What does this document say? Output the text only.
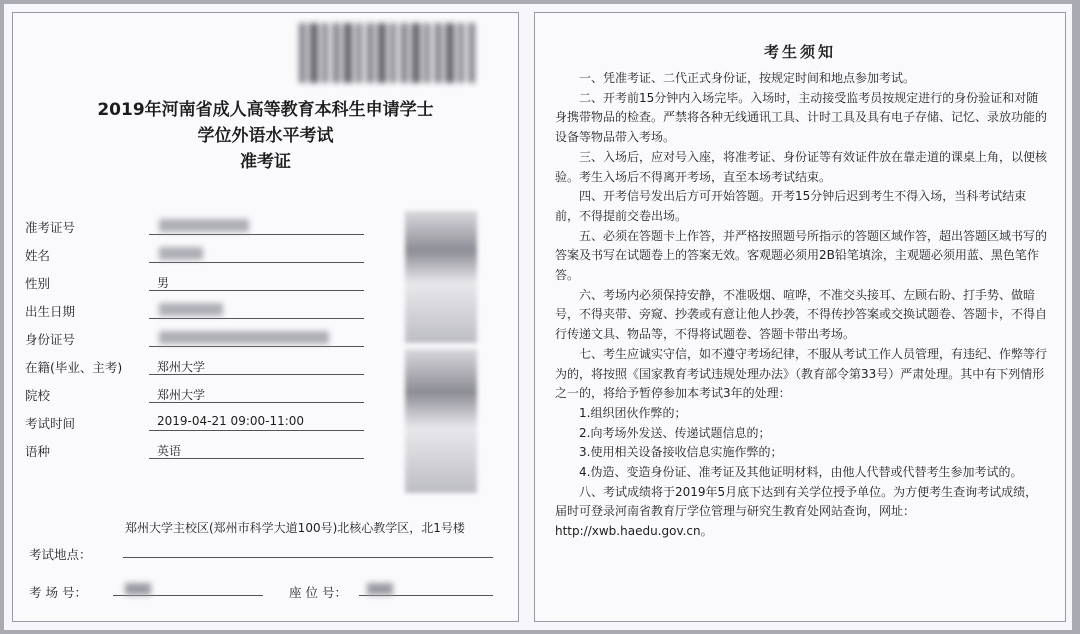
2019年河南省成人高等教育本科生申请学士
学位外语水平考试
准考证
准考证号
姓名
性别	男
出生日期
身份证号
在籍(毕业、主考)	郑州大学
院校	郑州大学
考试时间	2019-04-21 09:00-11:00
语种	英语
郑州大学主校区(郑州市科学大道100号)北核心教学区，北1号楼
考试地点：
考 场 号：	座 位 号：
考生须知

一、凭准考证、二代正式身份证，按规定时间和地点参加考试。

二、开考前15分钟内入场完毕。入场时，主动接受监考员按规定进行的身份验证和对随身携带物品的检查。严禁将各种无线通讯工具、计时工具及具有电子存储、记忆、录放功能的设备等物品带入考场。

三、入场后，应对号入座，将准考证、身份证等有效证件放在靠走道的课桌上角，以便核验。考生入场后不得离开考场，直至本场考试结束。

四、开考信号发出后方可开始答题。开考15分钟后迟到考生不得入场，当科考试结束前，不得提前交卷出场。

五、必须在答题卡上作答，并严格按照题号所指示的答题区域作答，超出答题区域书写的答案及书写在试题卷上的答案无效。客观题必须用2B铅笔填涂，主观题必须用蓝、黑色笔作答。

六、考场内必须保持安静，不准吸烟、喧哗，不准交头接耳、左顾右盼、打手势、做暗号，不得夹带、旁窥、抄袭或有意让他人抄袭，不得传抄答案或交换试题卷、答题卡，不得自行传递文具、物品等，不得将试题卷、答题卡带出考场。

七、考生应诚实守信，如不遵守考场纪律，不服从考试工作人员管理，有违纪、作弊等行为的，将按照《国家教育考试违规处理办法》（教育部令第33号）严肃处理。其中有下列情形之一的，将给予暂停参加本考试3年的处理：

1.组织团伙作弊的；

2.向考场外发送、传递试题信息的；

3.使用相关设备接收信息实施作弊的；

4.伪造、变造身份证、准考证及其他证明材料，由他人代替或代替考生参加考试的。

八、考试成绩将于2019年5月底下达到有关学位授予单位。为方便考生查询考试成绩，届时可登录河南省教育厅学位管理与研究生教育处网站查询，网址：http://xwb.haedu.gov.cn。
